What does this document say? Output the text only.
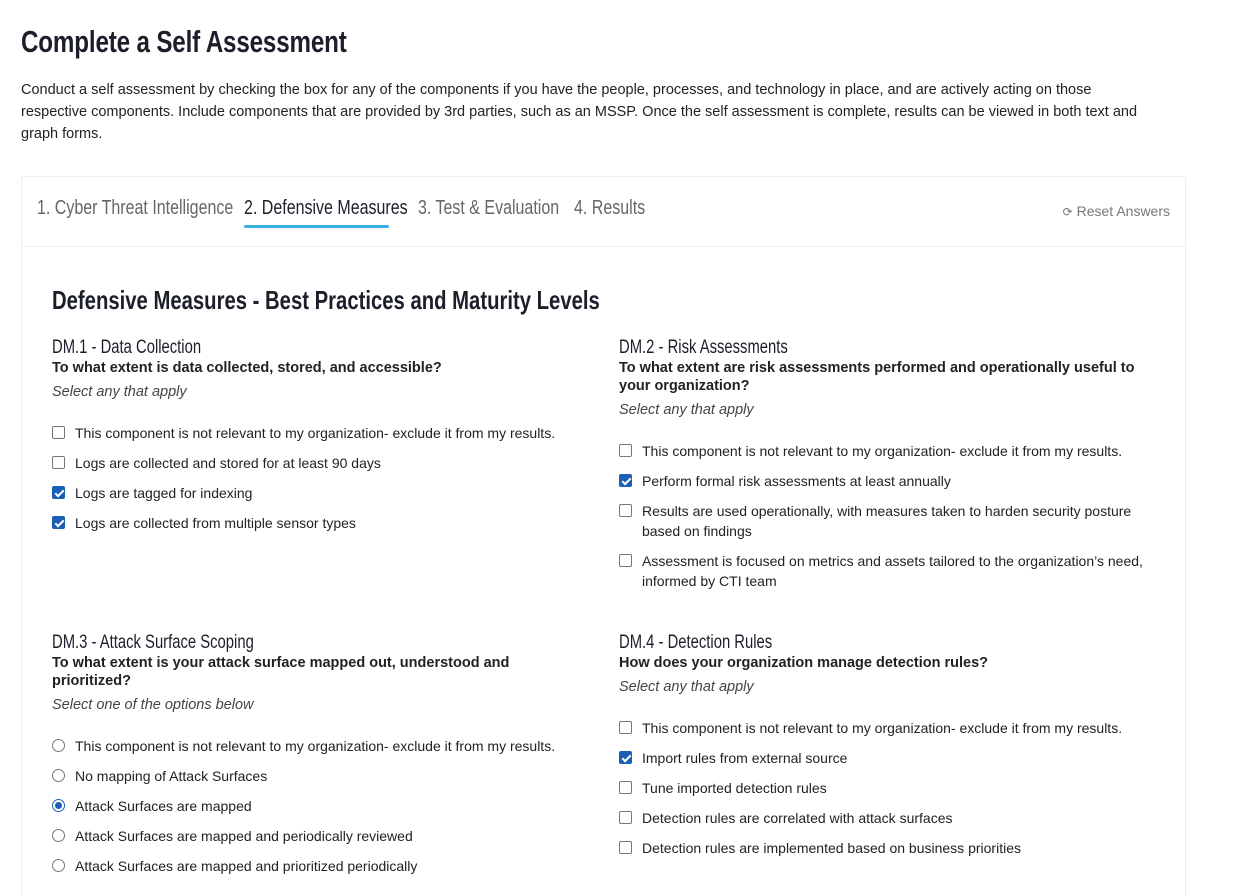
Complete a Self Assessment

Conduct a self assessment by checking the box for any of the components if you have the people, processes, and technology in place, and are actively acting on those respective components. Include components that are provided by 3rd parties, such as an MSSP. Once the self assessment is complete, results can be viewed in both text and graph forms.

1. Cyber Threat Intelligence 2. Defensive Measures 3. Test & Evaluation 4. Results	⟳ Reset Answers
Defensive Measures - Best Practices and Maturity Levels
DM.1 - Data Collection
To what extent is data collected, stored, and accessible?
Select any that apply
This component is not relevant to my organization- exclude it from my results.
Logs are collected and stored for at least 90 days
Logs are tagged for indexing
Logs are collected from multiple sensor types
DM.2 - Risk Assessments
To what extent are risk assessments performed and operationally useful to your organization?
Select any that apply
This component is not relevant to my organization- exclude it from my results.
Perform formal risk assessments at least annually
Results are used operationally, with measures taken to harden security posture based on findings
Assessment is focused on metrics and assets tailored to the organization’s need, informed by CTI team
DM.3 - Attack Surface Scoping
To what extent is your attack surface mapped out, understood and prioritized?
Select one of the options below
This component is not relevant to my organization- exclude it from my results.
No mapping of Attack Surfaces
Attack Surfaces are mapped
Attack Surfaces are mapped and periodically reviewed
Attack Surfaces are mapped and prioritized periodically
DM.4 - Detection Rules
How does your organization manage detection rules?
Select any that apply
This component is not relevant to my organization- exclude it from my results.
Import rules from external source
Tune imported detection rules
Detection rules are correlated with attack surfaces
Detection rules are implemented based on business priorities
